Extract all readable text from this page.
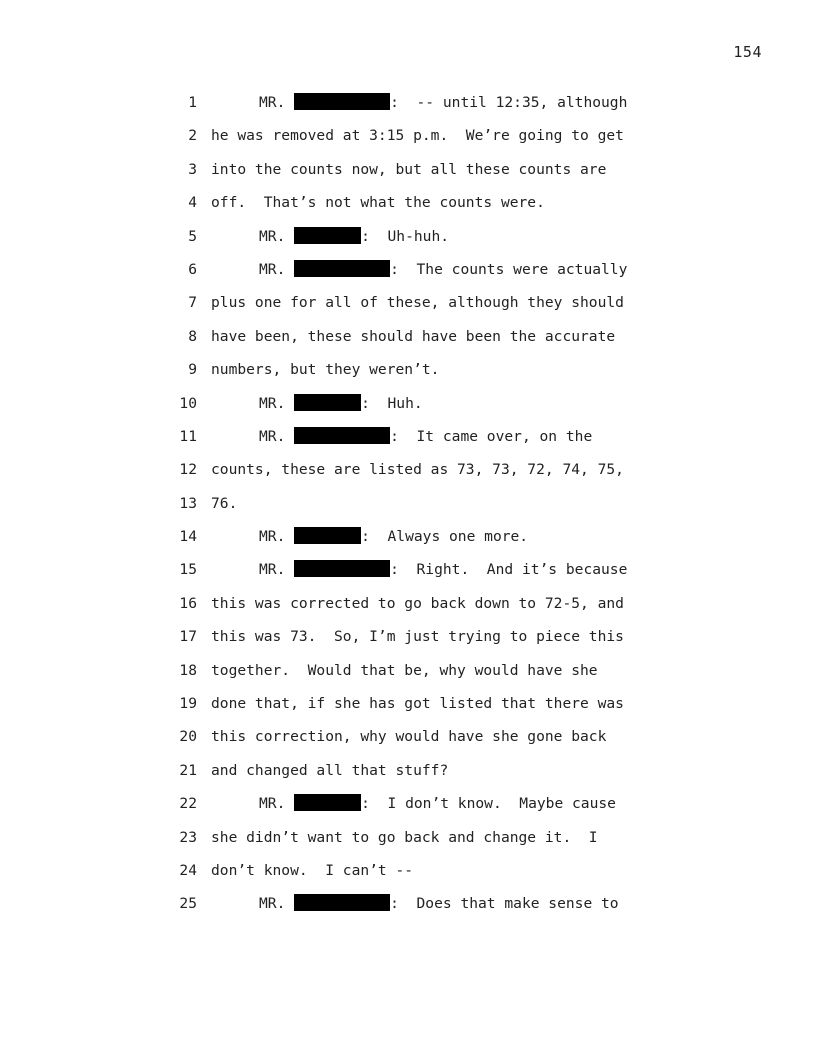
154
1	MR.	:  -- until 12:35, although
2 he was removed at 3:15 p.m.  We’re going to get
3 into the counts now, but all these counts are
4 off.  That’s not what the counts were.
5	MR.	:  Uh-huh.
6	MR.	:  The counts were actually
7 plus one for all of these, although they should
8 have been, these should have been the accurate
9 numbers, but they weren’t.
10	MR.	:  Huh.
11	MR.	:  It came over, on the
12 counts, these are listed as 73, 73, 72, 74, 75,
13 76.
14	MR.	:  Always one more.
15	MR.	:  Right.  And it’s because
16 this was corrected to go back down to 72-5, and
17 this was 73.  So, I’m just trying to piece this
18 together.  Would that be, why would have she
19 done that, if she has got listed that there was
20 this correction, why would have she gone back
21 and changed all that stuff?
22	MR.	:  I don’t know.  Maybe cause
23 she didn’t want to go back and change it.  I
24 don’t know.  I can’t --
25	MR.	:  Does that make sense to
